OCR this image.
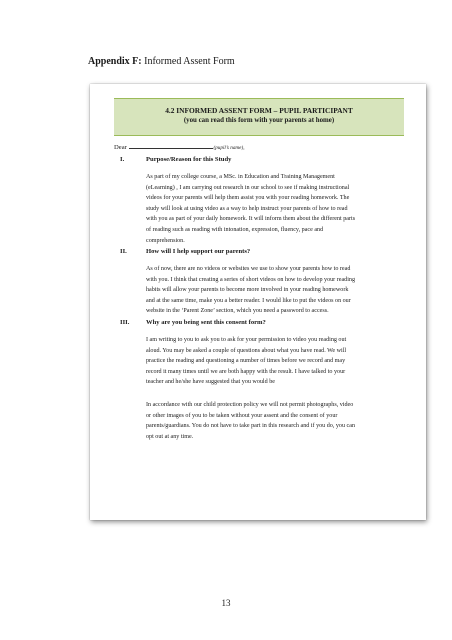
Appendix F: Informed Assent Form
4.2 INFORMED ASSENT FORM – PUPIL PARTICIPANT
(you can read this form with your parents at home)
Dear	(pupil’s name),
I.	Purpose/Reason for this Study
As part of my college course, a MSc. in Education and Training Management
(eLearning) , I am carrying out research in our school to see if making instructional
videos for your parents will help them assist you with your reading homework. The
study will look at using video as a way to help instruct your parents of how to read
with you as part of your daily homework. It will inform them about the different parts
of reading such as reading with intonation, expression, fluency, pace and
comprehension.
II.	How will I help support our parents?
As of now, there are no videos or websites we use to show your parents how to read
with you. I think that creating a series of short videos on how to develop your reading
habits will allow your parents to become more involved in your reading homework
and at the same time, make you a better reader. I would like to put the videos on our
website in the ‘Parent Zone’ section, which you need a password to access.
III.	Why are you being sent this consent form?
I am writing to you to ask you to ask for your permission to video you reading out
aloud. You may be asked a couple of questions about what you have read. We will
practice the reading and questioning a number of times before we record and may
record it many times until we are both happy with the result. I have talked to your
teacher and he/she have suggested that you would be
In accordance with our child protection policy we will not permit photographs, video
or other images of you to be taken without your assent and the consent of your
parents/guardians. You do not have to take part in this research and if you do, you can
opt out at any time.
13
